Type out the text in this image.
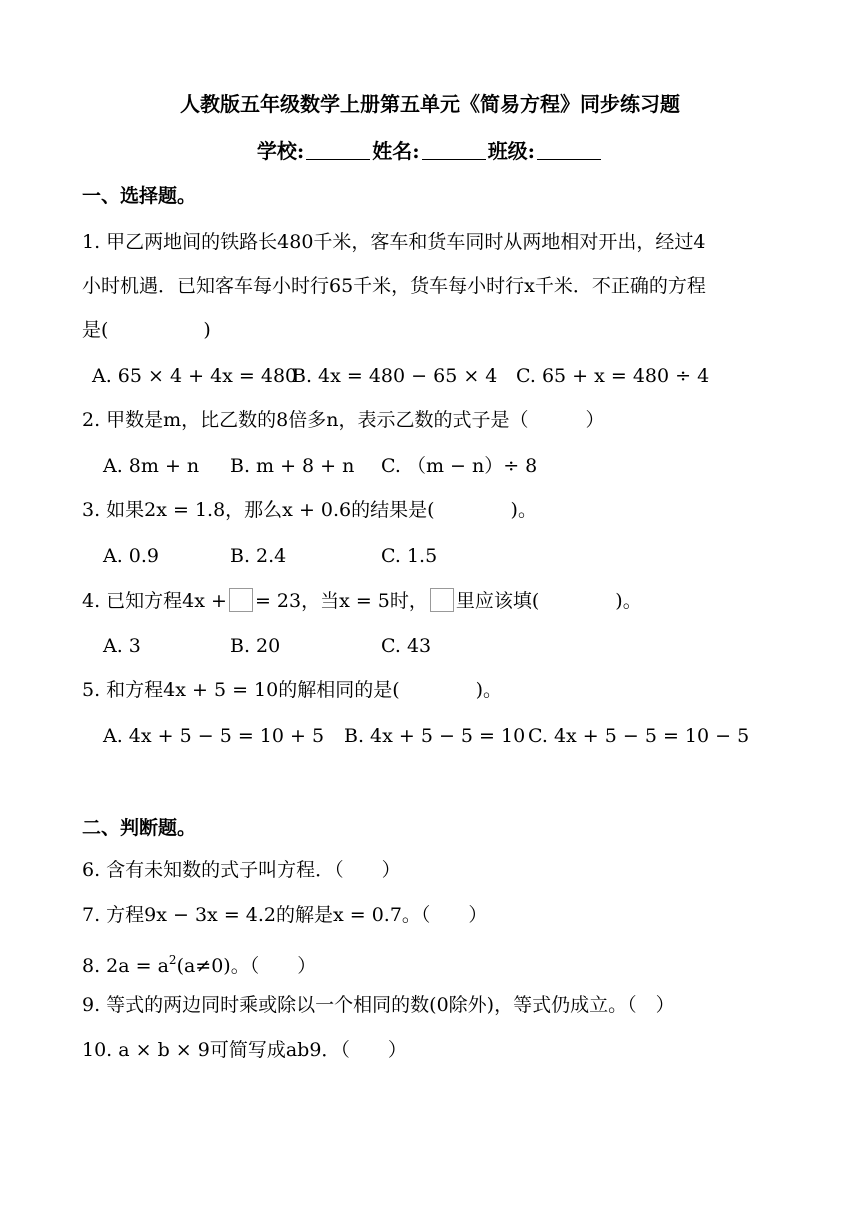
人教版五年级数学上册第五单元《简易方程》同步练习题
学校:	姓名:	班级:
一、选择题。
1. 甲乙两地间的铁路长480千米，客车和货车同时从两地相对开出，经过4
小时机遇．已知客车每小时行65千米，货车每小时行x千米．不正确的方程
是(　　　　　)
A. 65 × 4 + 4x = 480
B. 4x = 480 − 65 × 4 C. 65 + x = 480 ÷ 4
2. 甲数是m，比乙数的8倍多n，表示乙数的式子是（　　　）
A. 8m + n B. m + 8 + n C. （m − n）÷ 8
3. 如果2x = 1.8，那么x + 0.6的结果是(　　　　)。
A. 0.9	B. 2.4	C. 1.5
4. 已知方程4x + = 23，当x = 5时， 里应该填(　　　　)。
A. 3	B. 20	C. 43
5. 和方程4x + 5 = 10的解相同的是(　　　　)。
A. 4x + 5 − 5 = 10 + 5 B. 4x + 5 − 5 = 10 C. 4x + 5 − 5 = 10 − 5
二、判断题。
6. 含有未知数的式子叫方程．（　　）
7. 方程9x − 3x = 4.2的解是x = 0.7。（　　）
8. $2a = a^2(a\ne 0)$。（　　）
9. 等式的两边同时乘或除以一个相同的数(0除外)，等式仍成立。（　）
10. a × b × 9可简写成ab9．（　　）
